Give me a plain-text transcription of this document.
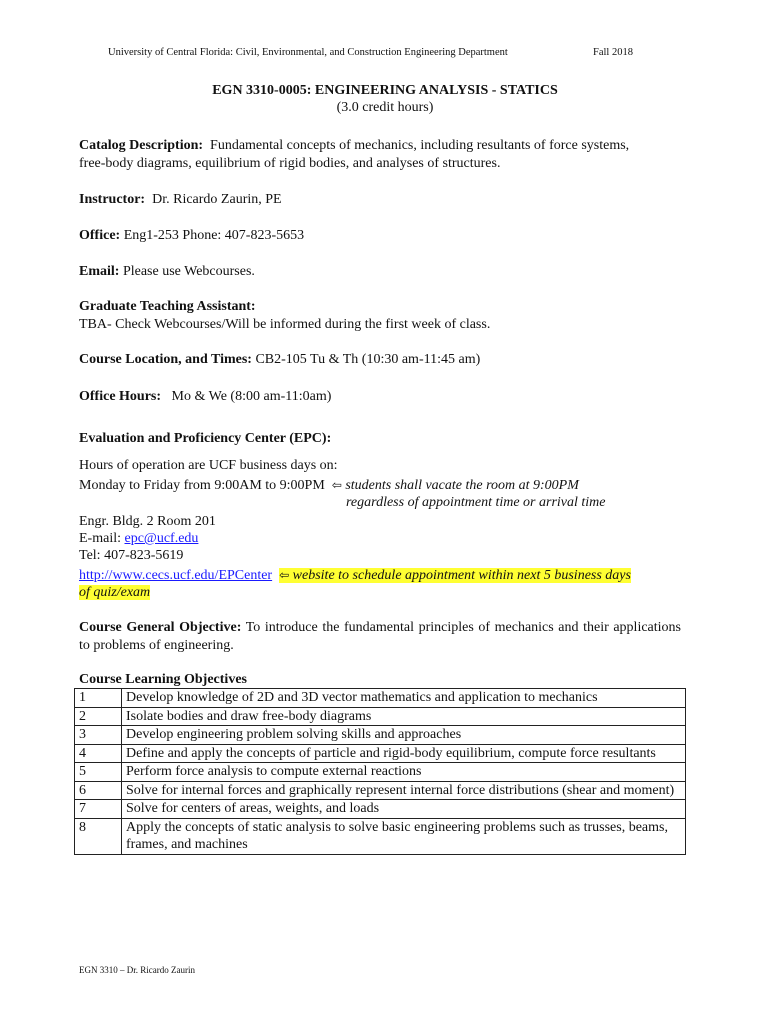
University of Central Florida: Civil, Environmental, and Construction Engineering Department	Fall 2018
EGN 3310-0005: ENGINEERING ANALYSIS - STATICS
(3.0 credit hours)
Catalog Description: Fundamental concepts of mechanics, including resultants of force systems,
free-body diagrams, equilibrium of rigid bodies, and analyses of structures.
Instructor: Dr. Ricardo Zaurin, PE
Office: Eng1-253 Phone: 407-823-5653
Email: Please use Webcourses.
Graduate Teaching Assistant:
TBA- Check Webcourses/Will be informed during the first week of class.
Course Location, and Times: CB2-105 Tu & Th (10:30 am-11:45 am)
Office Hours: Mo & We (8:00 am-11:0am)
Evaluation and Proficiency Center (EPC):
Hours of operation are UCF business days on:
Monday to Friday from 9:00AM to 9:00PM ⇦ students shall vacate the room at 9:00PM
regardless of appointment time or arrival time
Engr. Bldg. 2 Room 201
E-mail: epc@ucf.edu
Tel: 407-823-5619
http://www.cecs.ucf.edu/EPCenter ⇦ website to schedule appointment within next 5 business days
of quiz/exam
Course General Objective: To introduce the fundamental principles of mechanics and their applications to problems of engineering.
Course Learning Objectives
1	Develop knowledge of 2D and 3D vector mathematics and application to mechanics
2	Isolate bodies and draw free-body diagrams
3	Develop engineering problem solving skills and approaches
4	Define and apply the concepts of particle and rigid-body equilibrium, compute force resultants
5	Perform force analysis to compute external reactions
6	Solve for internal forces and graphically represent internal force distributions (shear and moment)
7	Solve for centers of areas, weights, and loads
8	Apply the concepts of static analysis to solve basic engineering problems such as trusses, beams, frames, and machines
EGN 3310 – Dr. Ricardo Zaurin
